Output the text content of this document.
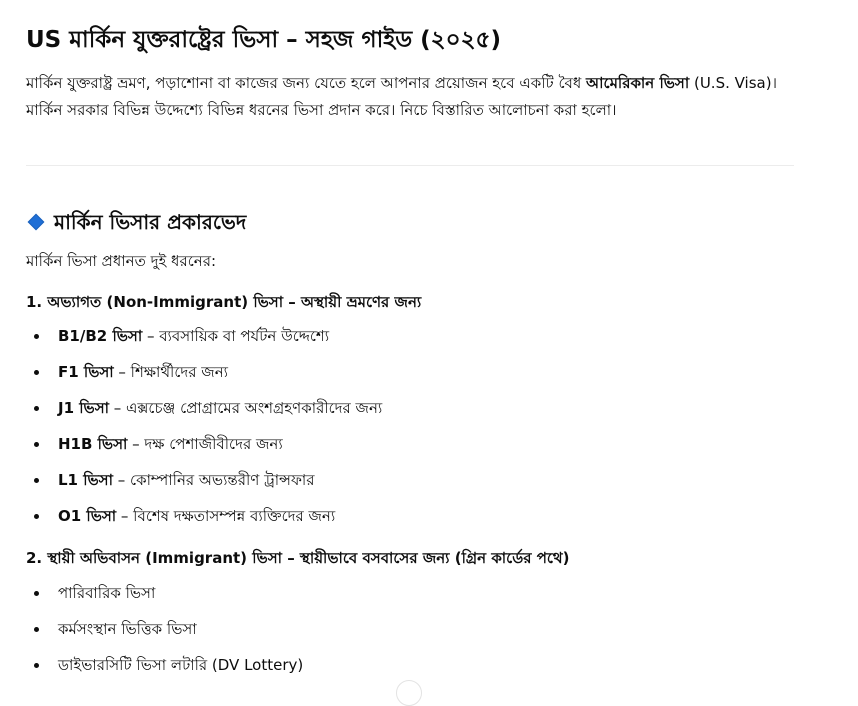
US মার্কিন যুক্তরাষ্ট্রের ভিসা – সহজ গাইড (২০২৫)

মার্কিন যুক্তরাষ্ট্র ভ্রমণ, পড়াশোনা বা কাজের জন্য যেতে হলে আপনার প্রয়োজন হবে একটি বৈধ আমেরিকান ভিসা (U.S. Visa)। মার্কিন সরকার বিভিন্ন উদ্দেশ্যে বিভিন্ন ধরনের ভিসা প্রদান করে। নিচে বিস্তারিত আলোচনা করা হলো।

মার্কিন ভিসার প্রকারভেদ

মার্কিন ভিসা প্রধানত দুই ধরনের:

1. অভ্যাগত (Non-Immigrant) ভিসা – অস্থায়ী ভ্রমণের জন্য

B1/B2 ভিসা – ব্যবসায়িক বা পর্যটন উদ্দেশ্যে
F1 ভিসা – শিক্ষার্থীদের জন্য
J1 ভিসা – এক্সচেঞ্জ প্রোগ্রামের অংশগ্রহণকারীদের জন্য
H1B ভিসা – দক্ষ পেশাজীবীদের জন্য
L1 ভিসা – কোম্পানির অভ্যন্তরীণ ট্রান্সফার
O1 ভিসা – বিশেষ দক্ষতাসম্পন্ন ব্যক্তিদের জন্য

2. স্থায়ী অভিবাসন (Immigrant) ভিসা – স্থায়ীভাবে বসবাসের জন্য (গ্রিন কার্ডের পথে)

পারিবারিক ভিসা
কর্মসংস্থান ভিত্তিক ভিসা
ডাইভারসিটি ভিসা লটারি (DV Lottery)
